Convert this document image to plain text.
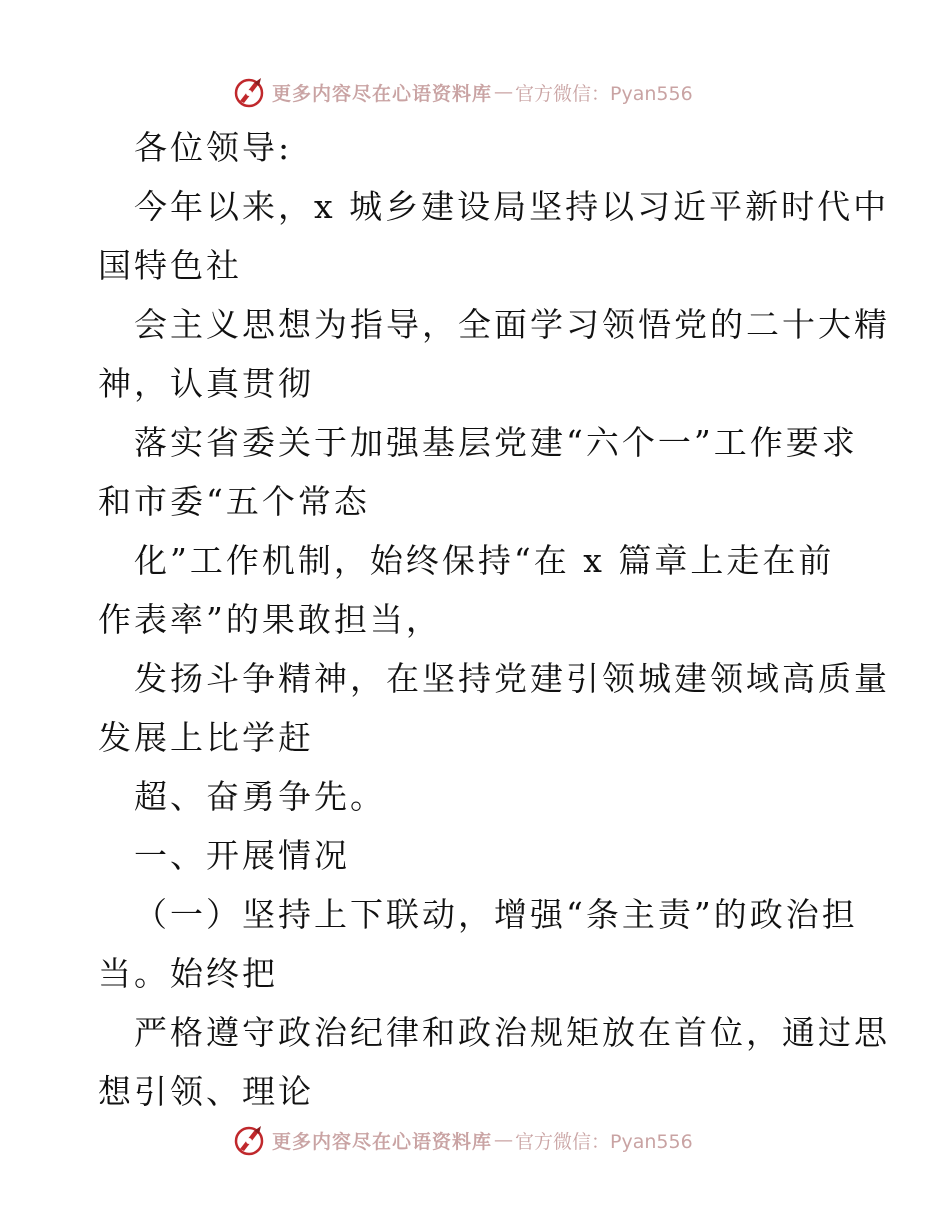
更多内容尽在心语资料库 — 官方微信：Pyan556
各位领导:
今年以来，x 城乡建设局坚持以习近平新时代中
国特色社
会主义思想为指导，全面学习领悟党的二十大精
神，认真贯彻
落实省委关于加强基层党建“六个一”工作要求
和市委“五个常态
化”工作机制，始终保持“在 x 篇章上走在前
作表率”的果敢担当，
发扬斗争精神，在坚持党建引领城建领域高质量
发展上比学赶
超、奋勇争先。
一、开展情况
（一）坚持上下联动，增强“条主责”的政治担
当。始终把
严格遵守政治纪律和政治规矩放在首位，通过思
想引领、理论
更多内容尽在心语资料库 — 官方微信：Pyan556
